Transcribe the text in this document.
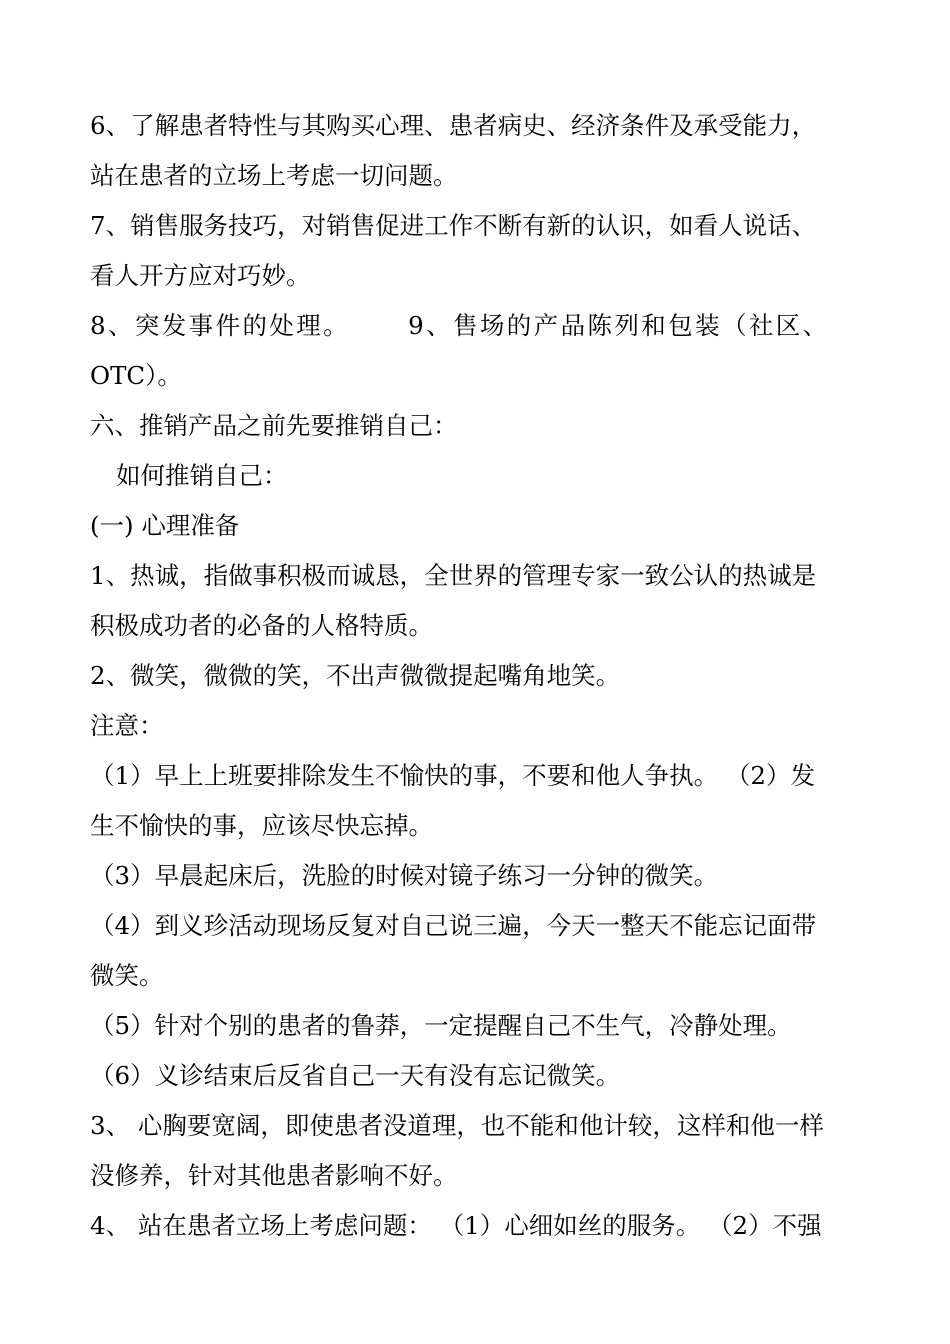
6、了解患者特性与其购买心理、患者病史、经济条件及承受能力，
站在患者的立场上考虑一切问题。
7、销售服务技巧，对销售促进工作不断有新的认识，如看人说话、
看人开方应对巧妙。
8、突发事件的处理。 9、售场的产品陈列和包装（社区、
OTC）。
六、推销产品之前先要推销自己：
如何推销自己：
(一) 心理准备
1、热诚，指做事积极而诚恳，全世界的管理专家一致公认的热诚是
积极成功者的必备的人格特质。
2、微笑，微微的笑，不出声微微提起嘴角地笑。
注意：
（1）早上上班要排除发生不愉快的事，不要和他人争执。 （2）发
生不愉快的事，应该尽快忘掉。
（3）早晨起床后，洗脸的时候对镜子练习一分钟的微笑。
（4）到义珍活动现场反复对自己说三遍，今天一整天不能忘记面带
微笑。
（5）针对个别的患者的鲁莽，一定提醒自己不生气，冷静处理。
（6）义诊结束后反省自己一天有没有忘记微笑。
3、 心胸要宽阔，即使患者没道理，也不能和他计较，这样和他一样
没修养，针对其他患者影响不好。
4、 站在患者立场上考虑问题： （1）心细如丝的服务。 （2）不强
